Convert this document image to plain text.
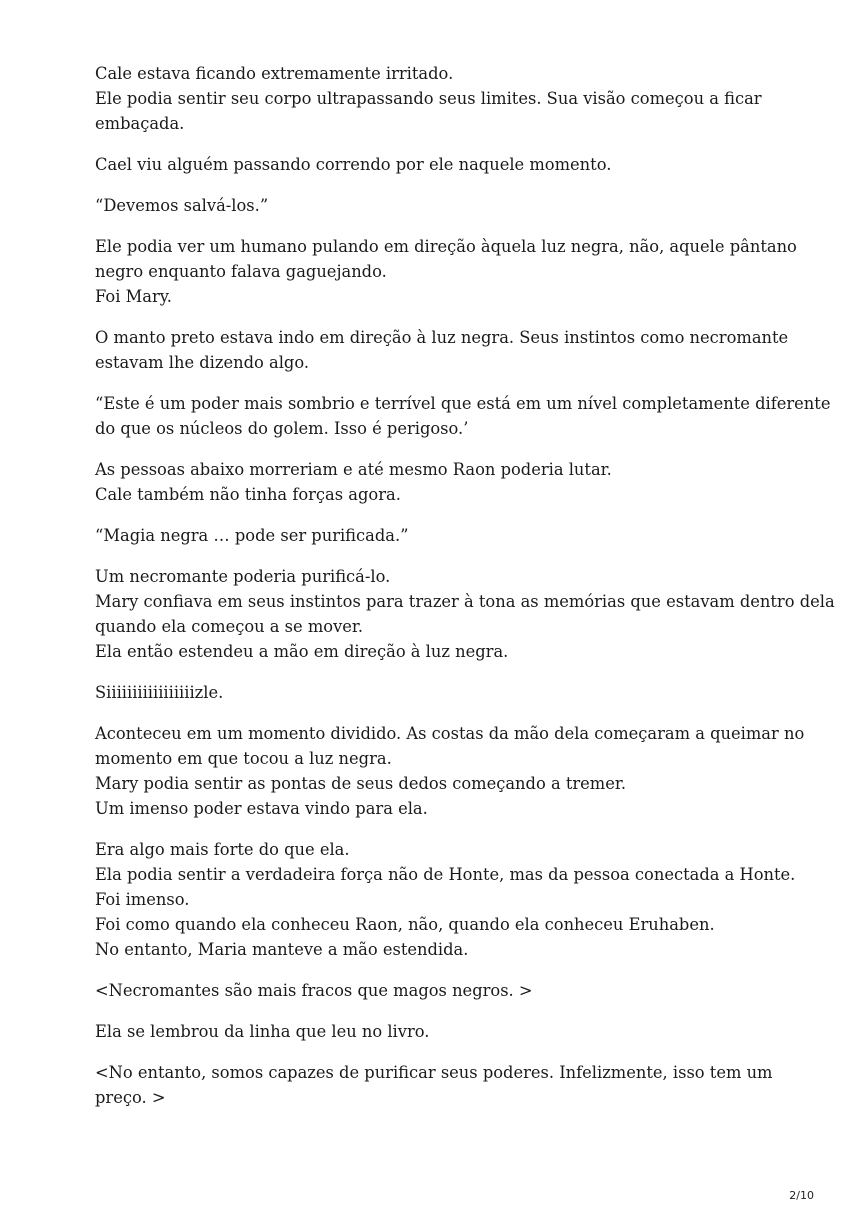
Cale estava ficando extremamente irritado.
Ele podia sentir seu corpo ultrapassando seus limites. Sua visão começou a ficar
embaçada.

Cael viu alguém passando correndo por ele naquele momento.

“Devemos salvá-los.”

Ele podia ver um humano pulando em direção àquela luz negra, não, aquele pântano
negro enquanto falava gaguejando.
Foi Mary.

O manto preto estava indo em direção à luz negra. Seus instintos como necromante
estavam lhe dizendo algo.

“Este é um poder mais sombrio e terrível que está em um nível completamente diferente
do que os núcleos do golem. Isso é perigoso.’

As pessoas abaixo morreriam e até mesmo Raon poderia lutar.
Cale também não tinha forças agora.

“Magia negra … pode ser purificada.”

Um necromante poderia purificá-lo.
Mary confiava em seus instintos para trazer à tona as memórias que estavam dentro dela
quando ela começou a se mover.
Ela então estendeu a mão em direção à luz negra.

Siiiiiiiiiiiiiiiiizle.

Aconteceu em um momento dividido. As costas da mão dela começaram a queimar no
momento em que tocou a luz negra.
Mary podia sentir as pontas de seus dedos começando a tremer.
Um imenso poder estava vindo para ela.

Era algo mais forte do que ela.
Ela podia sentir a verdadeira força não de Honte, mas da pessoa conectada a Honte.
Foi imenso.
Foi como quando ela conheceu Raon, não, quando ela conheceu Eruhaben.
No entanto, Maria manteve a mão estendida.

<Necromantes são mais fracos que magos negros. >

Ela se lembrou da linha que leu no livro.

<No entanto, somos capazes de purificar seus poderes. Infelizmente, isso tem um
preço. >

2/10
